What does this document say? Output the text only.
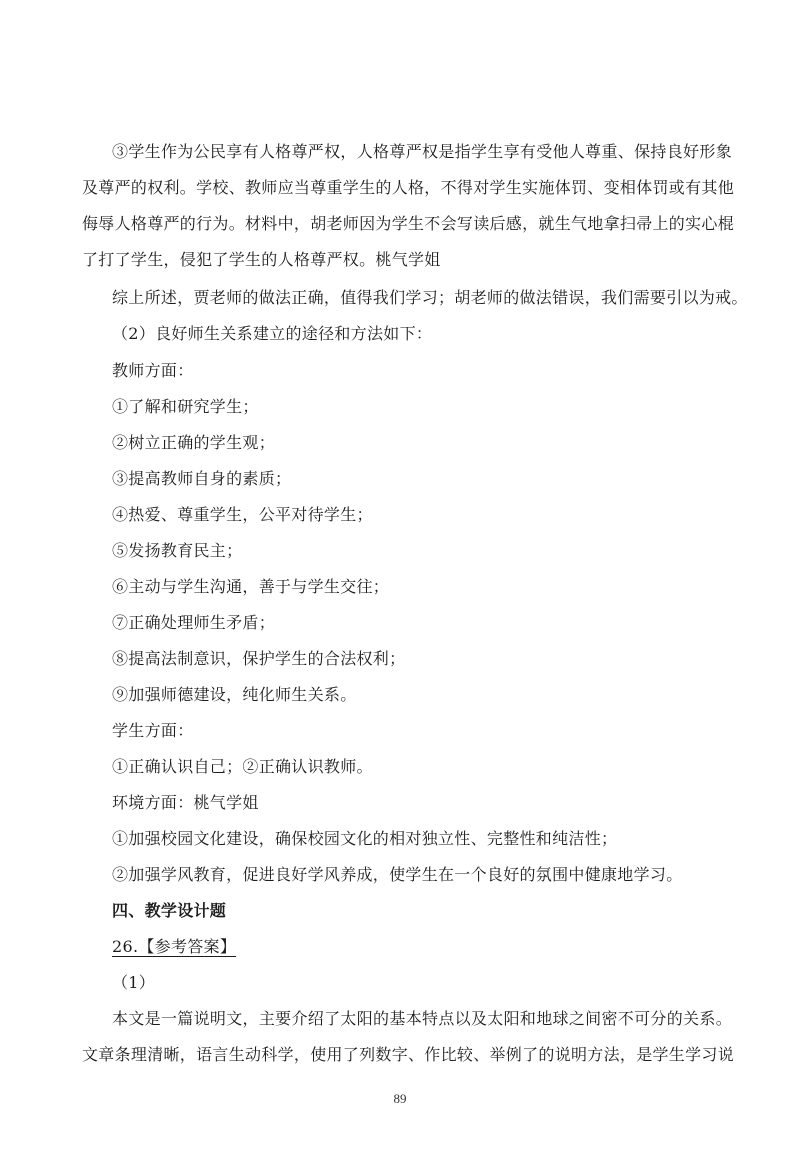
③学生作为公民享有人格尊严权，人格尊严权是指学生享有受他人尊重、保持良好形象
及尊严的权利。学校、教师应当尊重学生的人格，不得对学生实施体罚、变相体罚或有其他
侮辱人格尊严的行为。材料中，胡老师因为学生不会写读后感，就生气地拿扫帚上的实心棍
了打了学生，侵犯了学生的人格尊严权。桃气学姐
综上所述，贾老师的做法正确，值得我们学习；胡老师的做法错误，我们需要引以为戒。
（2）良好师生关系建立的途径和方法如下：
教师方面：
①了解和研究学生；
②树立正确的学生观；
③提高教师自身的素质；
④热爱、尊重学生，公平对待学生；
⑤发扬教育民主；
⑥主动与学生沟通，善于与学生交往；
⑦正确处理师生矛盾；
⑧提高法制意识，保护学生的合法权利；
⑨加强师德建设，纯化师生关系。
学生方面：
①正确认识自己；②正确认识教师。
环境方面：桃气学姐
①加强校园文化建设，确保校园文化的相对独立性、完整性和纯洁性；
②加强学风教育，促进良好学风养成，使学生在一个良好的氛围中健康地学习。
四、教学设计题
26.【参考答案】
（1）
本文是一篇说明文，主要介绍了太阳的基本特点以及太阳和地球之间密不可分的关系。
文章条理清晰，语言生动科学，使用了列数字、作比较、举例了的说明方法，是学生学习说
89
